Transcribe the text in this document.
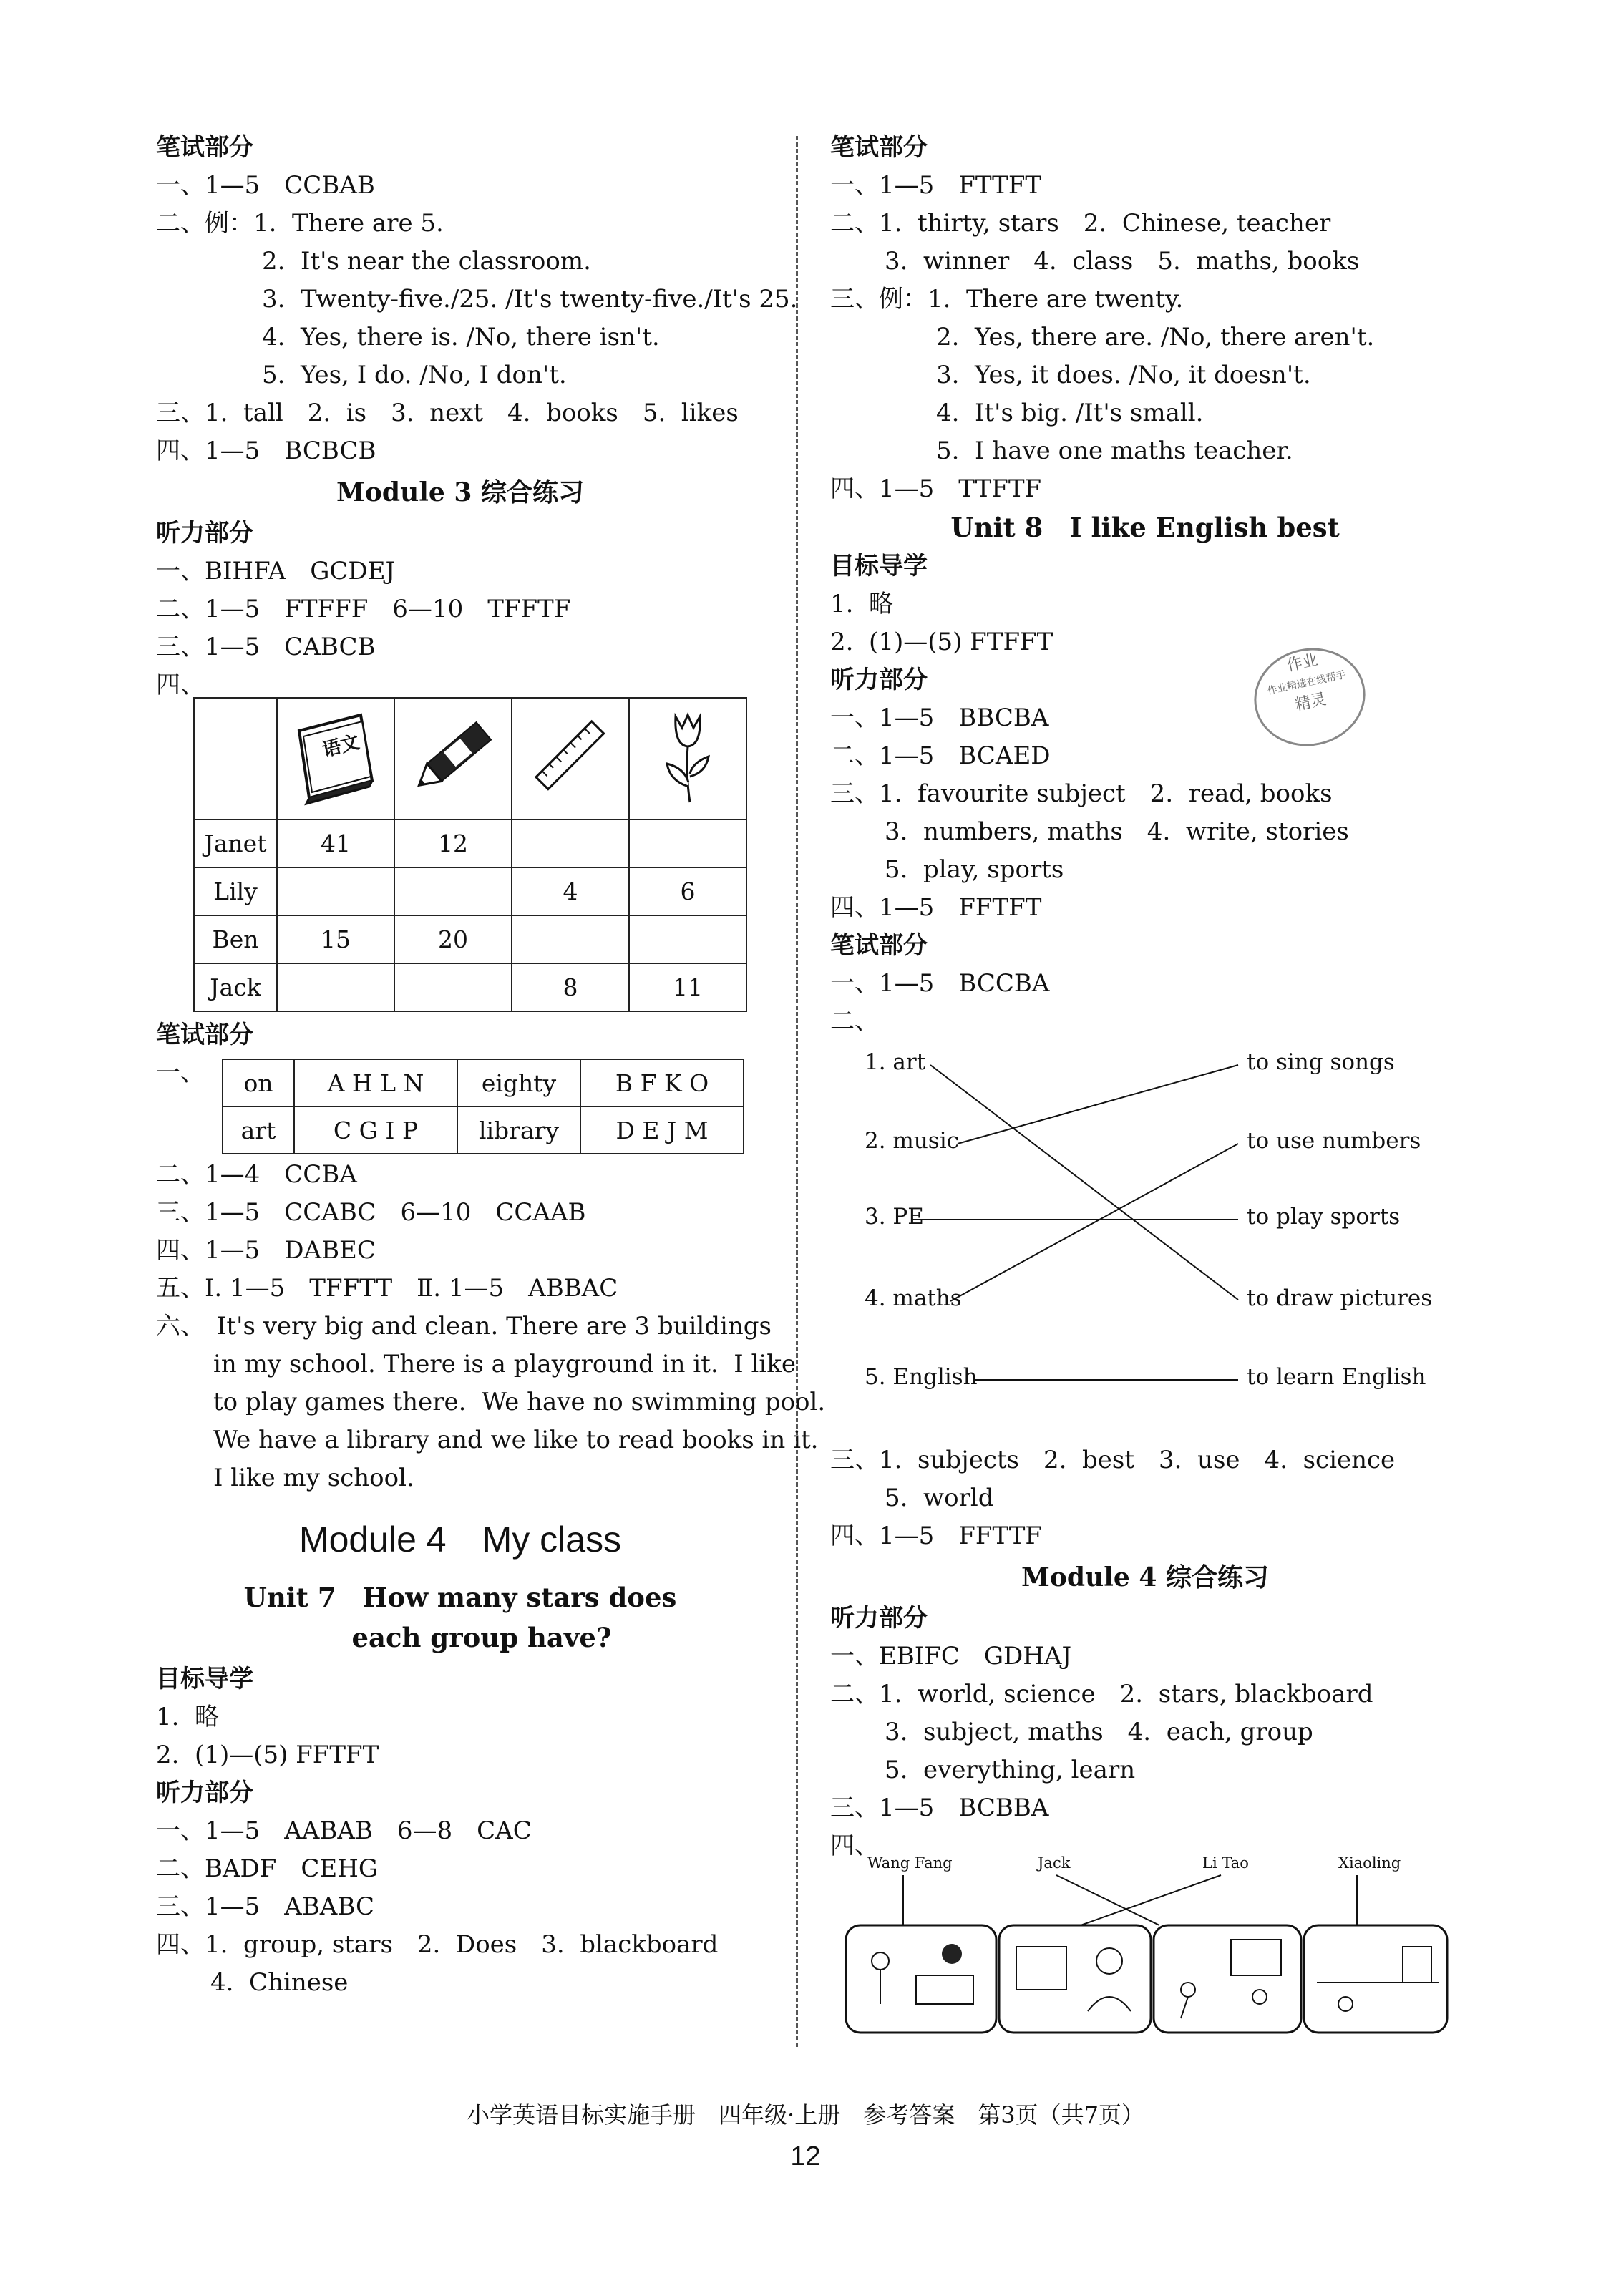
笔试部分
一、1—5　CCBAB
二、例：1.  There are 5.
2.  It's near the classroom.
3.  Twenty-five./25. /It's twenty-five./It's 25.
4.  Yes, there is. /No, there isn't.
5.  Yes, I do. /No, I don't.
三、1.  tall　2.  is　3.  next　4.  books　5.  likes
四、1—5　BCBCB
Module 3 综合练习
听力部分
一、BIHFA　GCDEJ
二、1—5　FTFFF　6—10　TFFTF
三、1—5　CABCB
四、

语文

Janet	41	12		
Lily			4	6
Ben	15	20		
Jack			8	11
笔试部分
一、 on	A H L N	eighty	B F K O
art	C G I P	library	D E J M
二、1—4　CCBA
三、1—5　CCABC　6—10　CCAAB
四、1—5　DABEC
五、Ⅰ. 1—5　TFFTT　Ⅱ. 1—5　ABBAC
六、　It's very big and clean. There are 3 buildings
in my school. There is a playground in it.  I like
to play games there.  We have no swimming pool.
We have a library and we like to read books in it.
I like my school.
Module 4　My class
Unit 7　How many stars does
each group have?
目标导学
1.  略
2.  (1)—(5) FFTFT
听力部分
一、1—5　AABAB　6—8　CAC
二、BADF　CEHG
三、1—5　ABABC
四、1.  group, stars　2.  Does　3.  blackboard
4.  Chinese
笔试部分
一、1—5　FTTFT
二、1.  thirty, stars　2.  Chinese, teacher
3.  winner　4.  class　5.  maths, books
三、例：1.  There are twenty.
2.  Yes, there are. /No, there aren't.
3.  Yes, it does. /No, it doesn't.
4.  It's big. /It's small.
5.  I have one maths teacher.
四、1—5　TTFTF
Unit 8　I like English best
目标导学
1.  略
2.  (1)—(5) FTFFT
听力部分
一、1—5　BBCBA
二、1—5　BCAED
三、1.  favourite subject　2.  read, books
3.  numbers, maths　4.  write, stories
5.  play, sports
四、1—5　FFTFT
笔试部分
一、1—5　BCCBA
二、
1. art
2. music
3. PE
4. maths
5. English
to sing songs
to use numbers
to play sports
to draw pictures
to learn English
三、1.  subjects　2.  best　3.  use　4.  science
5.  world
四、1—5　FFTTF
Module 4 综合练习
听力部分
一、EBIFC　GDHAJ
二、1.  world, science　2.  stars, blackboard
3.  subject, maths　4.  each, group
5.  everything, learn
三、1—5　BCBBA
四、
Wang Fang	Jack	Li Tao	Xiaoling
作业
作业精选在线帮手
精灵
小学英语目标实施手册　四年级·上册　参考答案　第3页（共7页）
12
